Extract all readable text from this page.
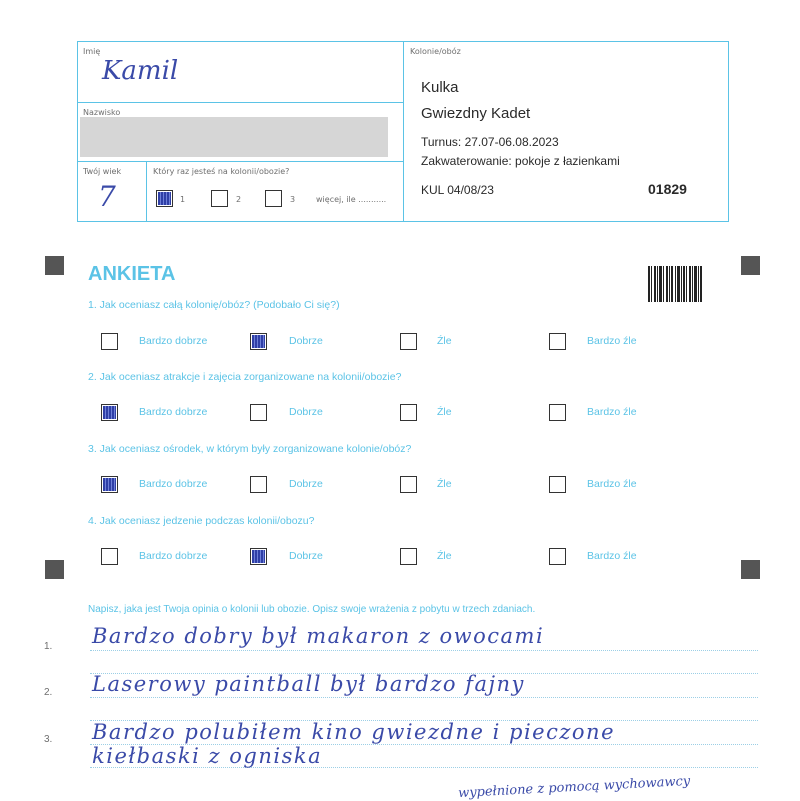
Imię
Kamil
Nazwisko
Twój wiek
7
Który raz jesteś na kolonii/obozie?
1	2	3	więcej, ile ...........
Kolonie/obóz
Kulka
Gwiezdny Kadet
Turnus: 27.07-06.08.2023
Zakwaterowanie: pokoje z łazienkami
KUL 04/08/23	01829
ANKIETA
1. Jak oceniasz całą kolonię/obóz? (Podobało Ci się?)
Bardzo dobrze	Dobrze	Źle	Bardzo źle
2. Jak oceniasz atrakcje i zajęcia zorganizowane na kolonii/obozie?
Bardzo dobrze	Dobrze	Źle	Bardzo źle
3. Jak oceniasz ośrodek, w którym były zorganizowane kolonie/obóz?
Bardzo dobrze	Dobrze	Źle	Bardzo źle
4. Jak oceniasz jedzenie podczas kolonii/obozu?
Bardzo dobrze	Dobrze	Źle	Bardzo źle
Napisz, jaka jest Twoja opinia o kolonii lub obozie. Opisz swoje wrażenia z pobytu w trzech zdaniach.
1.
2.
3.
Bardzo dobry był makaron z owocami
Laserowy paintball był bardzo fajny
Bardzo polubiłem kino gwiezdne i pieczone
kiełbaski z ogniska
wypełnione z pomocą wychowawcy
